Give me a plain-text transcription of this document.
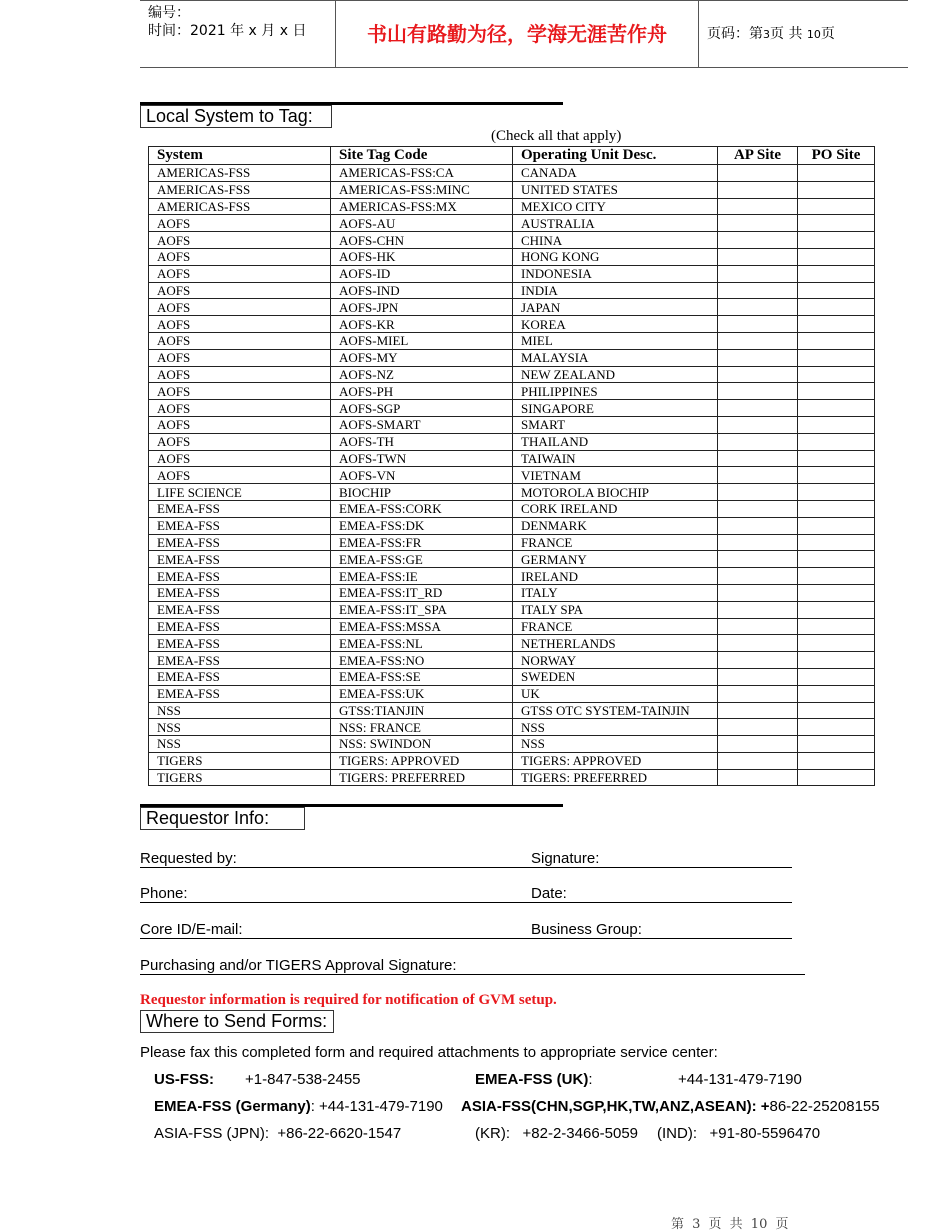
编号：
时间：2021 年 x 月 x 日	书山有路勤为径，学海无涯苦作舟	页码：第3页 共 10页
Local System to Tag:
(Check all that apply)
System	Site Tag Code	Operating Unit Desc.	AP Site	PO Site
AMERICAS-FSS	AMERICAS-FSS:CA	CANADA		
AMERICAS-FSS	AMERICAS-FSS:MINC	UNITED STATES		
AMERICAS-FSS	AMERICAS-FSS:MX	MEXICO CITY		
AOFS	AOFS-AU	AUSTRALIA		
AOFS	AOFS-CHN	CHINA		
AOFS	AOFS-HK	HONG KONG		
AOFS	AOFS-ID	INDONESIA		
AOFS	AOFS-IND	INDIA		
AOFS	AOFS-JPN	JAPAN		
AOFS	AOFS-KR	KOREA		
AOFS	AOFS-MIEL	MIEL		
AOFS	AOFS-MY	MALAYSIA		
AOFS	AOFS-NZ	NEW ZEALAND		
AOFS	AOFS-PH	PHILIPPINES		
AOFS	AOFS-SGP	SINGAPORE		
AOFS	AOFS-SMART	SMART		
AOFS	AOFS-TH	THAILAND		
AOFS	AOFS-TWN	TAIWAIN		
AOFS	AOFS-VN	VIETNAM		
LIFE SCIENCE	BIOCHIP	MOTOROLA BIOCHIP		
EMEA-FSS	EMEA-FSS:CORK	CORK IRELAND		
EMEA-FSS	EMEA-FSS:DK	DENMARK		
EMEA-FSS	EMEA-FSS:FR	FRANCE		
EMEA-FSS	EMEA-FSS:GE	GERMANY		
EMEA-FSS	EMEA-FSS:IE	IRELAND		
EMEA-FSS	EMEA-FSS:IT_RD	ITALY		
EMEA-FSS	EMEA-FSS:IT_SPA	ITALY SPA		
EMEA-FSS	EMEA-FSS:MSSA	FRANCE		
EMEA-FSS	EMEA-FSS:NL	NETHERLANDS		
EMEA-FSS	EMEA-FSS:NO	NORWAY		
EMEA-FSS	EMEA-FSS:SE	SWEDEN		
EMEA-FSS	EMEA-FSS:UK	UK		
NSS	GTSS:TIANJIN	GTSS OTC SYSTEM-TAINJIN		
NSS	NSS: FRANCE	NSS		
NSS	NSS: SWINDON	NSS		
TIGERS	TIGERS: APPROVED	TIGERS: APPROVED		
TIGERS	TIGERS: PREFERRED	TIGERS: PREFERRED		
Requestor Info:
Requested by:	Signature:
Phone:	Date:
Core ID/E-mail:	Business Group:
Purchasing and/or TIGERS Approval Signature:
Requestor information is required for notification of GVM setup.
Where to Send Forms:
Please fax this completed form and required attachments to appropriate service center:
US-FSS: +1-847-538-2455	EMEA-FSS (UK):	+44-131-479-7190
EMEA-FSS (Germany): +44-131-479-7190 ASIA-FSS(CHN,SGP,HK,TW,ANZ,ASEAN): +86-22-25208155
ASIA-FSS (JPN): +86-22-6620-1547	(KR): +82-2-3466-5059 (IND): +91-80-5596470
第 3 页 共 10 页
